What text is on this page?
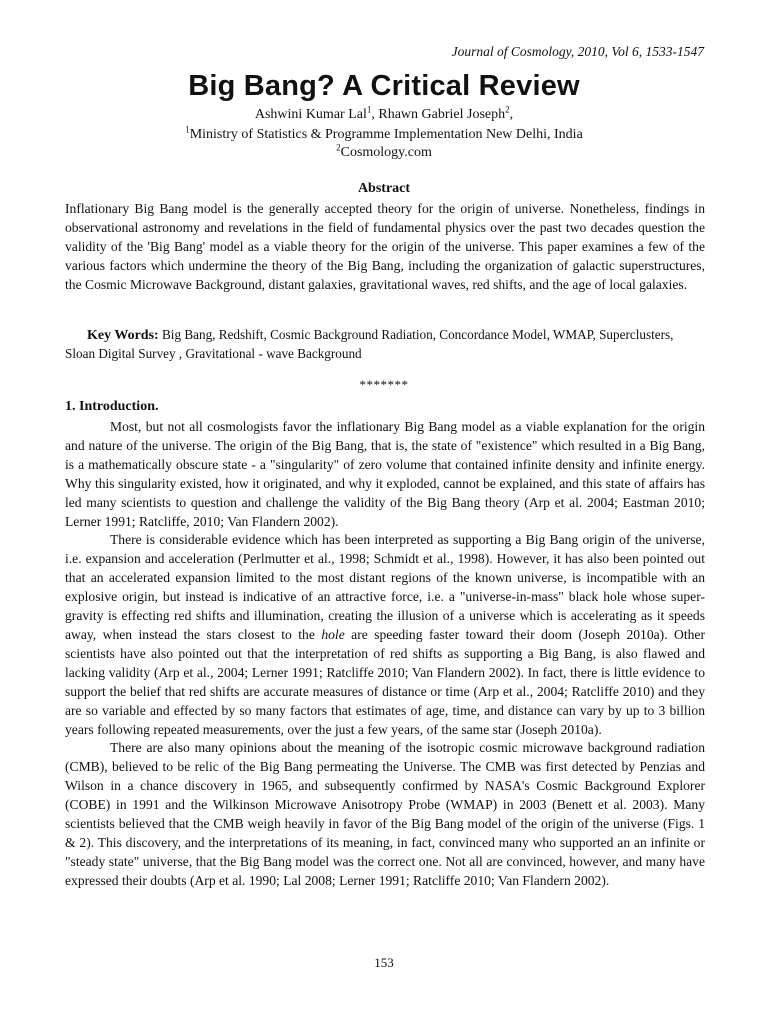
Journal of Cosmology, 2010, Vol 6, 1533-1547
Big Bang? A Critical Review
Ashwini Kumar Lal$^1$, Rhawn Gabriel Joseph$^2$,
$^1$Ministry of Statistics & Programme Implementation New Delhi, India
$^2$Cosmology.com
Abstract
Inflationary Big Bang model is the generally accepted theory for the origin of universe. Nonetheless, findings in observational astronomy and revelations in the field of fundamental physics over the past two decades question the validity of the 'Big Bang' model as a viable theory for the origin of the universe. This paper examines a few of the various factors which undermine the theory of the Big Bang, including the organization of galactic superstructures, the Cosmic Microwave Background, distant galaxies, gravitational waves, red shifts, and the age of local galaxies.
Key Words: Big Bang, Redshift, Cosmic Background Radiation, Concordance Model, WMAP, Superclusters, Sloan Digital Survey , Gravitational - wave Background
*******
1. Introduction.

Most, but not all cosmologists favor the inflationary Big Bang model as a viable explanation for the origin and nature of the universe. The origin of the Big Bang, that is, the state of "existence" which resulted in a Big Bang, is a mathematically obscure state - a "singularity" of zero volume that contained infinite density and infinite energy. Why this singularity existed, how it originated, and why it exploded, cannot be explained, and this state of affairs has led many scientists to question and challenge the validity of the Big Bang theory (Arp et al. 2004; Eastman 2010; Lerner 1991; Ratcliffe, 2010; Van Flandern 2002).

There is considerable evidence which has been interpreted as supporting a Big Bang origin of the universe, i.e. expansion and acceleration (Perlmutter et al., 1998; Schmidt et al., 1998). However, it has also been pointed out that an accelerated expansion limited to the most distant regions of the known universe, is incompatible with an explosive origin, but instead is indicative of an attractive force, i.e. a "universe-in-mass" black hole whose super-gravity is effecting red shifts and illumination, creating the illusion of a universe which is accelerating as it speeds away, when instead the stars closest to the hole are speeding faster toward their doom (Joseph 2010a). Other scientists have also pointed out that the interpretation of red shifts as supporting a Big Bang, is also flawed and lacking validity (Arp et al., 2004; Lerner 1991; Ratcliffe 2010; Van Flandern 2002). In fact, there is little evidence to support the belief that red shifts are accurate measures of distance or time (Arp et al., 2004; Ratcliffe 2010) and they are so variable and effected by so many factors that estimates of age, time, and distance can vary by up to 3 billion years following repeated measurements, over the just a few years, of the same star (Joseph 2010a).

There are also many opinions about the meaning of the isotropic cosmic microwave background radiation (CMB), believed to be relic of the Big Bang permeating the Universe. The CMB was first detected by Penzias and Wilson in a chance discovery in 1965, and subsequently confirmed by NASA's Cosmic Background Explorer (COBE) in 1991 and the Wilkinson Microwave Anisotropy Probe (WMAP) in 2003 (Benett et al. 2003). Many scientists believed that the CMB weigh heavily in favor of the Big Bang model of the origin of the universe (Figs. 1 & 2). This discovery, and the interpretations of its meaning, in fact, convinced many who supported an an infinite or "steady state" universe, that the Big Bang model was the correct one. Not all are convinced, however, and many have expressed their doubts (Arp et al. 1990; Lal 2008; Lerner 1991; Ratcliffe 2010; Van Flandern 2002).

153
